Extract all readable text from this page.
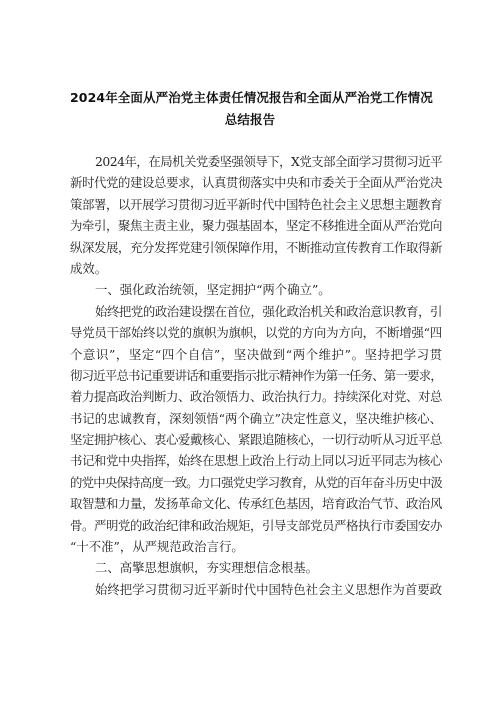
2024年全面从严治党主体责任情况报告和全面从严治党工作情况
总结报告
2024年，在局机关党委坚强领导下，X党支部全面学习贯彻习近平
新时代党的建设总要求，认真贯彻落实中央和市委关于全面从严治党决
策部署，以开展学习贯彻习近平新时代中国特色社会主义思想主题教育
为牵引，聚焦主责主业，聚力强基固本，坚定不移推进全面从严治党向
纵深发展，充分发挥党建引领保障作用，不断推动宣传教育工作取得新
成效。
一、强化政治统领，坚定拥护“两个确立”。
始终把党的政治建设摆在首位，强化政治机关和政治意识教育，引
导党员干部始终以党的旗帜为旗帜，以党的方向为方向，不断增强“四
个意识”，坚定“四个自信”，坚决做到“两个维护”。坚持把学习贯
彻习近平总书记重要讲话和重要指示批示精神作为第一任务、第一要求，
着力提高政治判断力、政治领悟力、政治执行力。持续深化对党、对总
书记的忠诚教育，深刻领悟“两个确立”决定性意义，坚决维护核心、
坚定拥护核心、衷心爱戴核心、紧跟追随核心，一切行动听从习近平总
书记和党中央指挥，始终在思想上政治上行动上同以习近平同志为核心
的党中央保持高度一致。力口强党史学习教育，从党的百年奋斗历史中汲
取智慧和力量，发扬革命文化、传承红色基因，培育政治气节、政治风
骨。严明党的政治纪律和政治规矩，引导支部党员严格执行市委国安办
“十不准”，从严规范政治言行。
二、高擎思想旗帜，夯实理想信念根基。
始终把学习贯彻习近平新时代中国特色社会主义思想作为首要政
